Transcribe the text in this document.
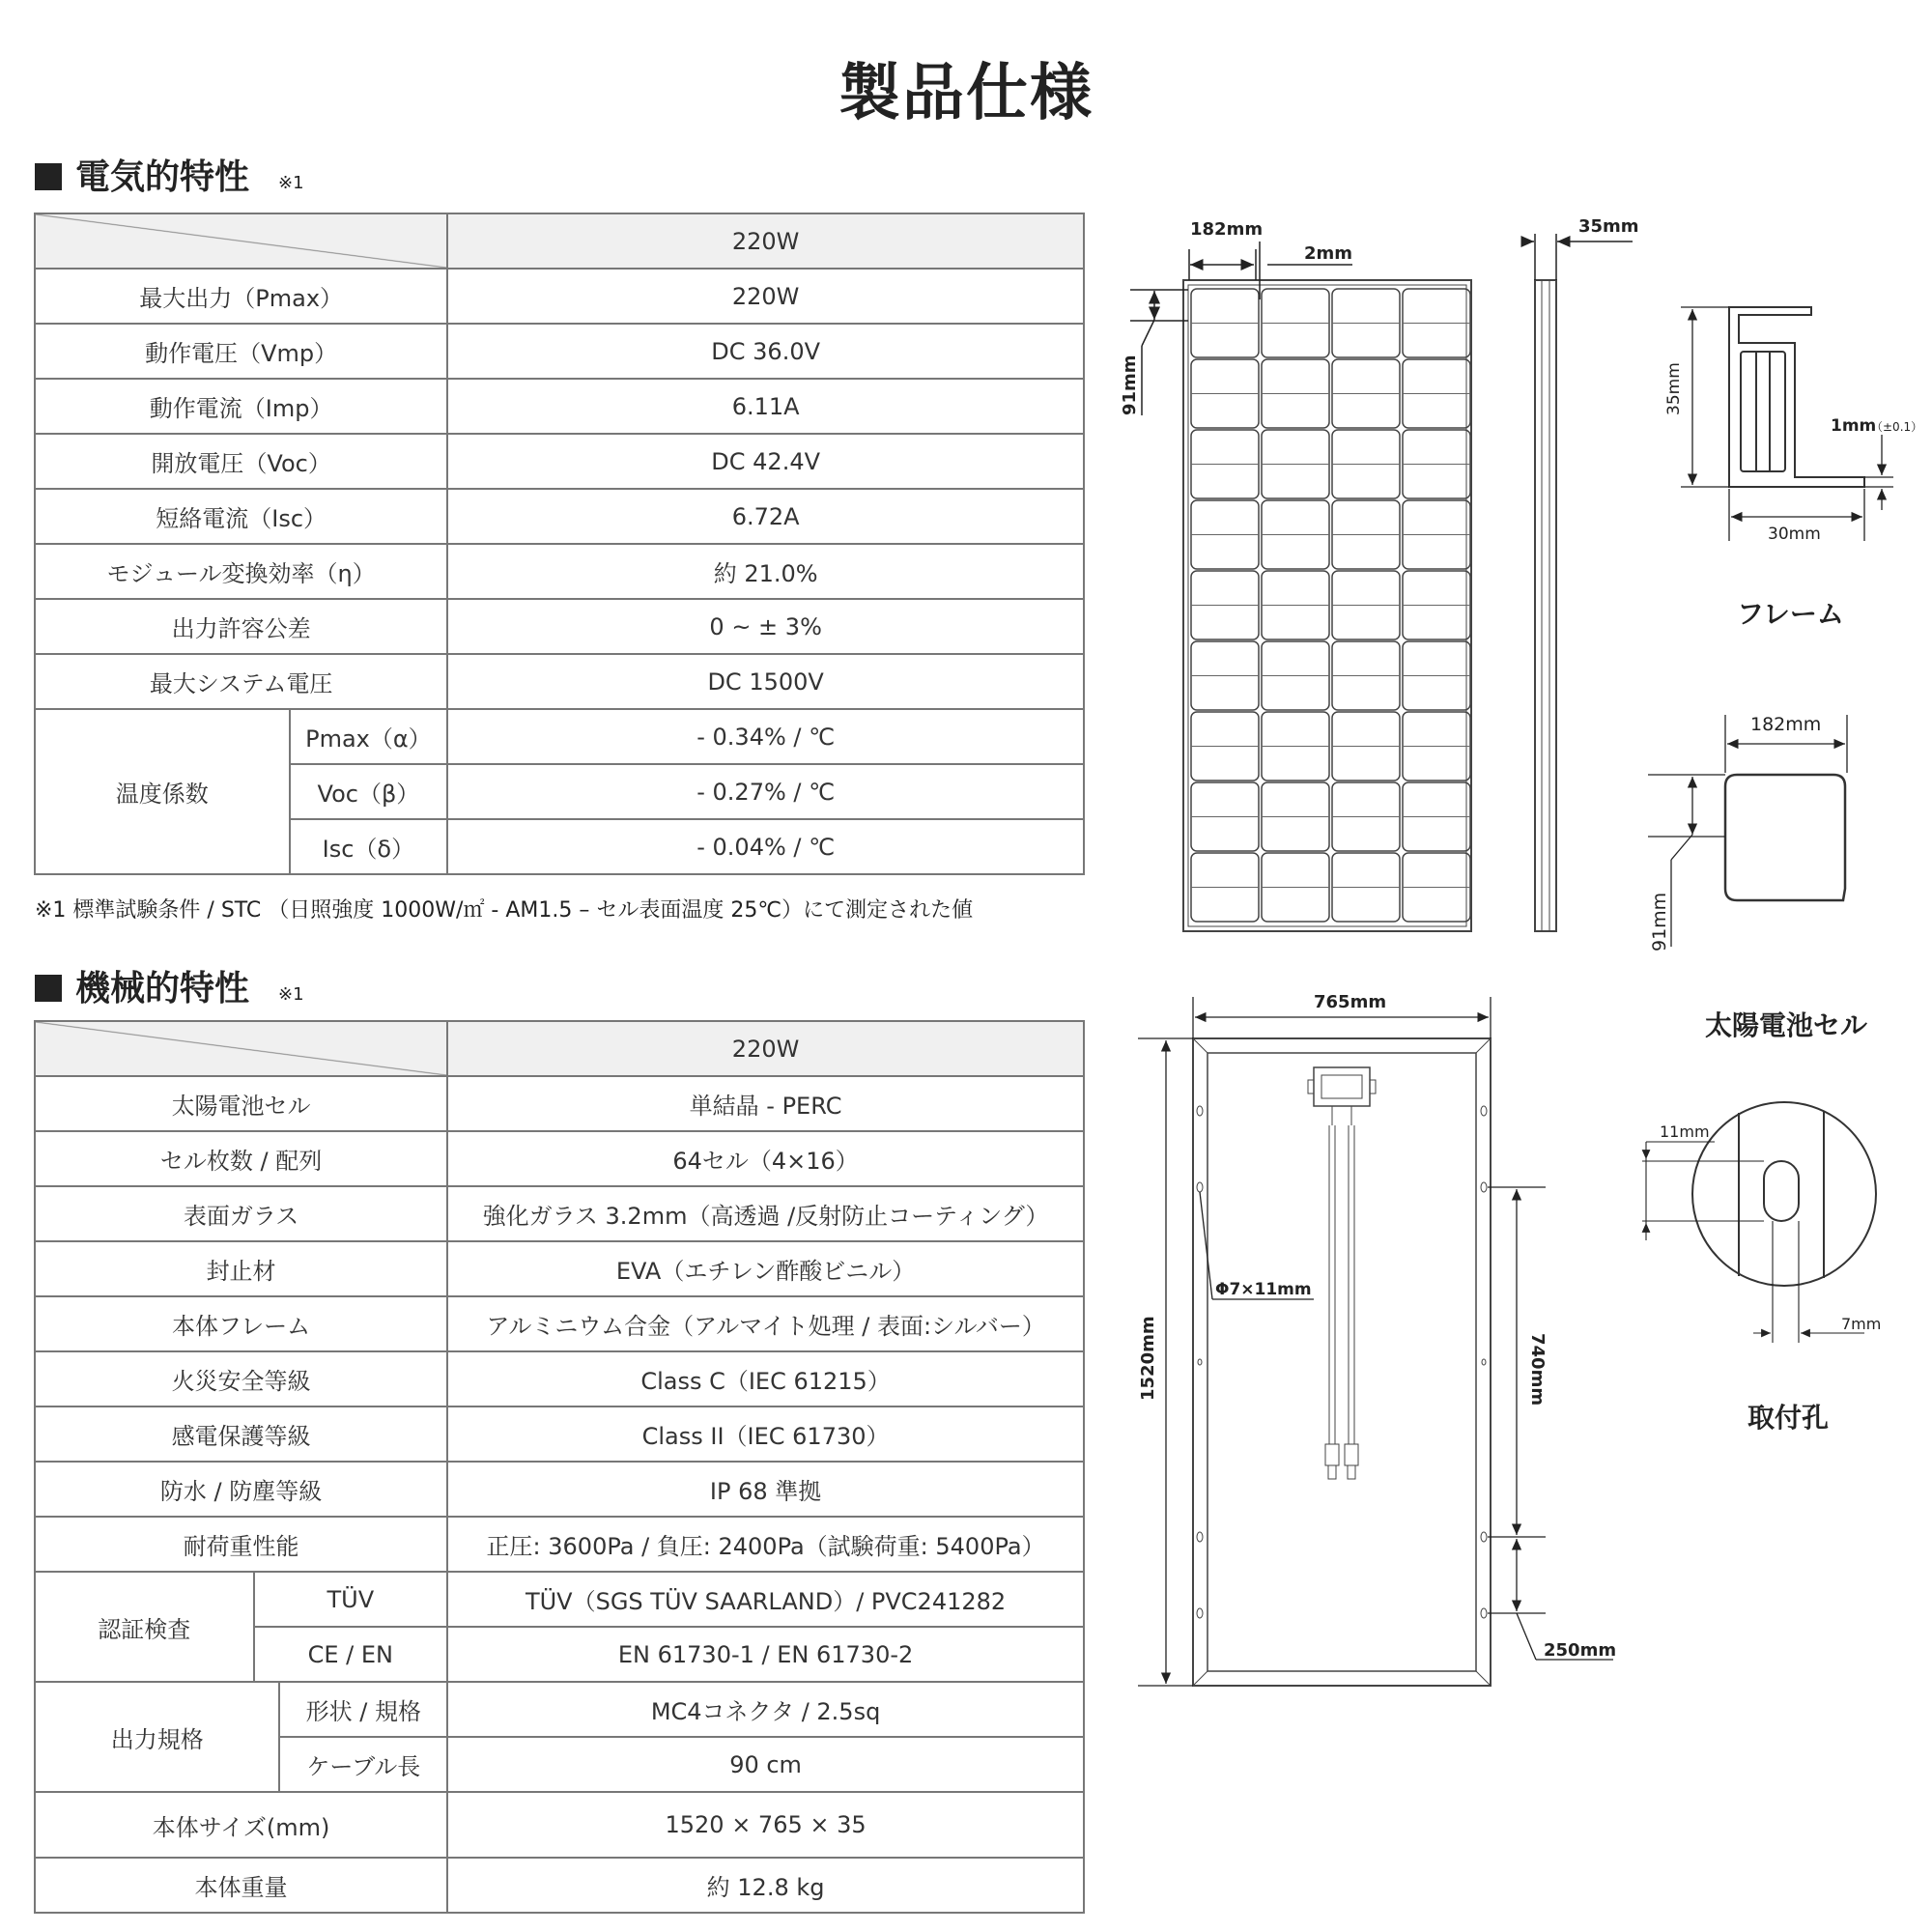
製品仕様
電気的特性 ※1
		220W
最大出力（Pmax）		220W
動作電圧（Vmp）		DC 36.0V
動作電流（Imp）		6.11A
開放電圧（Voc）		DC 42.4V
短絡電流（Isc）		6.72A
モジュール変換効率（η）		約 21.0%
出力許容公差		0 ~ ± 3%
最大システム電圧		DC 1500V
温度係数	Pmax（α）	- 0.34% / ℃
	Voc（β）	- 0.27% / ℃
	Isc（δ）	- 0.04% / ℃
※1 標準試験条件 / STC （日照強度 1000W/㎡ - AM1.5 – セル表面温度 25℃）にて測定された値
機械的特性 ※1
			220W
太陽電池セル			単結晶 - PERC
セル枚数 / 配列			64セル（4×16）
表面ガラス			強化ガラス 3.2mm（高透過 /反射防止コーティング）
封止材			EVA（エチレン酢酸ビニル）
本体フレーム			アルミニウム合金（アルマイト処理 / 表面:シルバー）
火災安全等級			Class C（IEC 61215）
感電保護等級			Class II（IEC 61730）
防水 / 防塵等級			IP 68 準拠
耐荷重性能			正圧: 3600Pa / 負圧: 2400Pa（試験荷重: 5400Pa）
認証検査	TÜV		TÜV（SGS TÜV SAARLAND）/ PVC241282
	CE / EN		EN 61730-1 / EN 61730-2
出力規格		形状 / 規格	MC4コネクタ / 2.5sq
		ケーブル長	90 cm
本体サイズ(mm)			1520 × 765 × 35
本体重量			約 12.8 kg
182mm
2mm
91mm
35mm
35mm
1mm
（±0.1）
30mm
182mm
91mm
765mm
1520mm
Φ7×11mm
740mm
250mm
11mm
7mm
フレーム
太陽電池セル
取付孔
